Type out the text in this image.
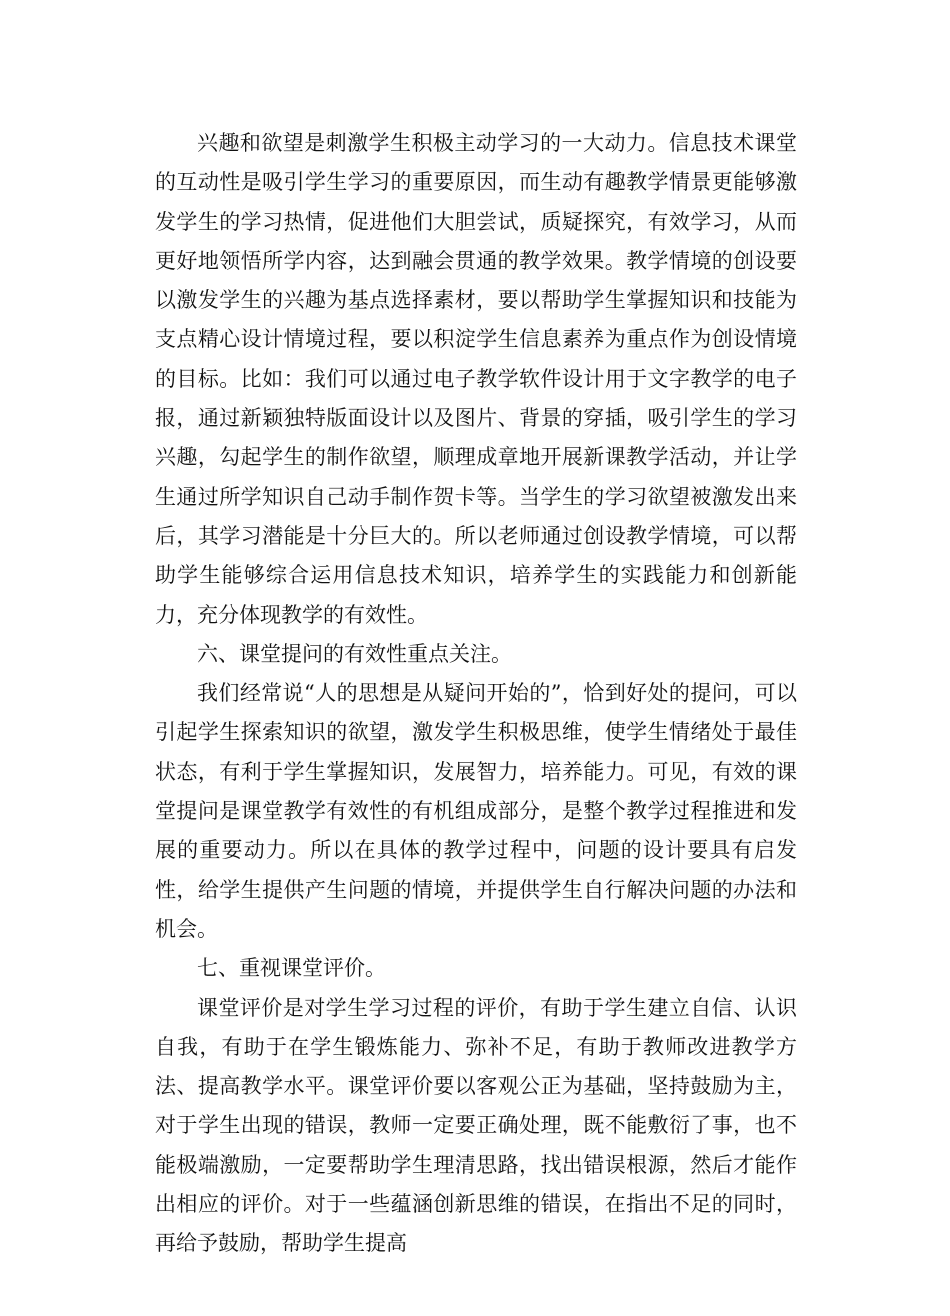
兴趣和欲望是刺激学生积极主动学习的一大动力。信息技术课堂的互动性是吸引学生学习的重要原因，而生动有趣教学情景更能够激发学生的学习热情，促进他们大胆尝试，质疑探究，有效学习，从而更好地领悟所学内容，达到融会贯通的教学效果。教学情境的创设要以激发学生的兴趣为基点选择素材，要以帮助学生掌握知识和技能为支点精心设计情境过程，要以积淀学生信息素养为重点作为创设情境的目标。比如：我们可以通过电子教学软件设计用于文字教学的电子报，通过新颖独特版面设计以及图片、背景的穿插，吸引学生的学习兴趣，勾起学生的制作欲望，顺理成章地开展新课教学活动，并让学生通过所学知识自己动手制作贺卡等。当学生的学习欲望被激发出来后，其学习潜能是十分巨大的。所以老师通过创设教学情境，可以帮助学生能够综合运用信息技术知识，培养学生的实践能力和创新能力，充分体现教学的有效性。

六、课堂提问的有效性重点关注。

我们经常说“人的思想是从疑问开始的”，恰到好处的提问，可以引起学生探索知识的欲望，激发学生积极思维，使学生情绪处于最佳状态，有利于学生掌握知识，发展智力，培养能力。可见，有效的课堂提问是课堂教学有效性的有机组成部分，是整个教学过程推进和发展的重要动力。所以在具体的教学过程中，问题的设计要具有启发性，给学生提供产生问题的情境，并提供学生自行解决问题的办法和机会。

七、重视课堂评价。

课堂评价是对学生学习过程的评价，有助于学生建立自信、认识自我，有助于在学生锻炼能力、弥补不足，有助于教师改进教学方法、提高教学水平。课堂评价要以客观公正为基础，坚持鼓励为主，对于学生出现的错误，教师一定要正确处理，既不能敷衍了事，也不能极端激励，一定要帮助学生理清思路，找出错误根源，然后才能作出相应的评价。对于一些蕴涵创新思维的错误，在指出不足的同时，再给予鼓励，帮助学生提高
